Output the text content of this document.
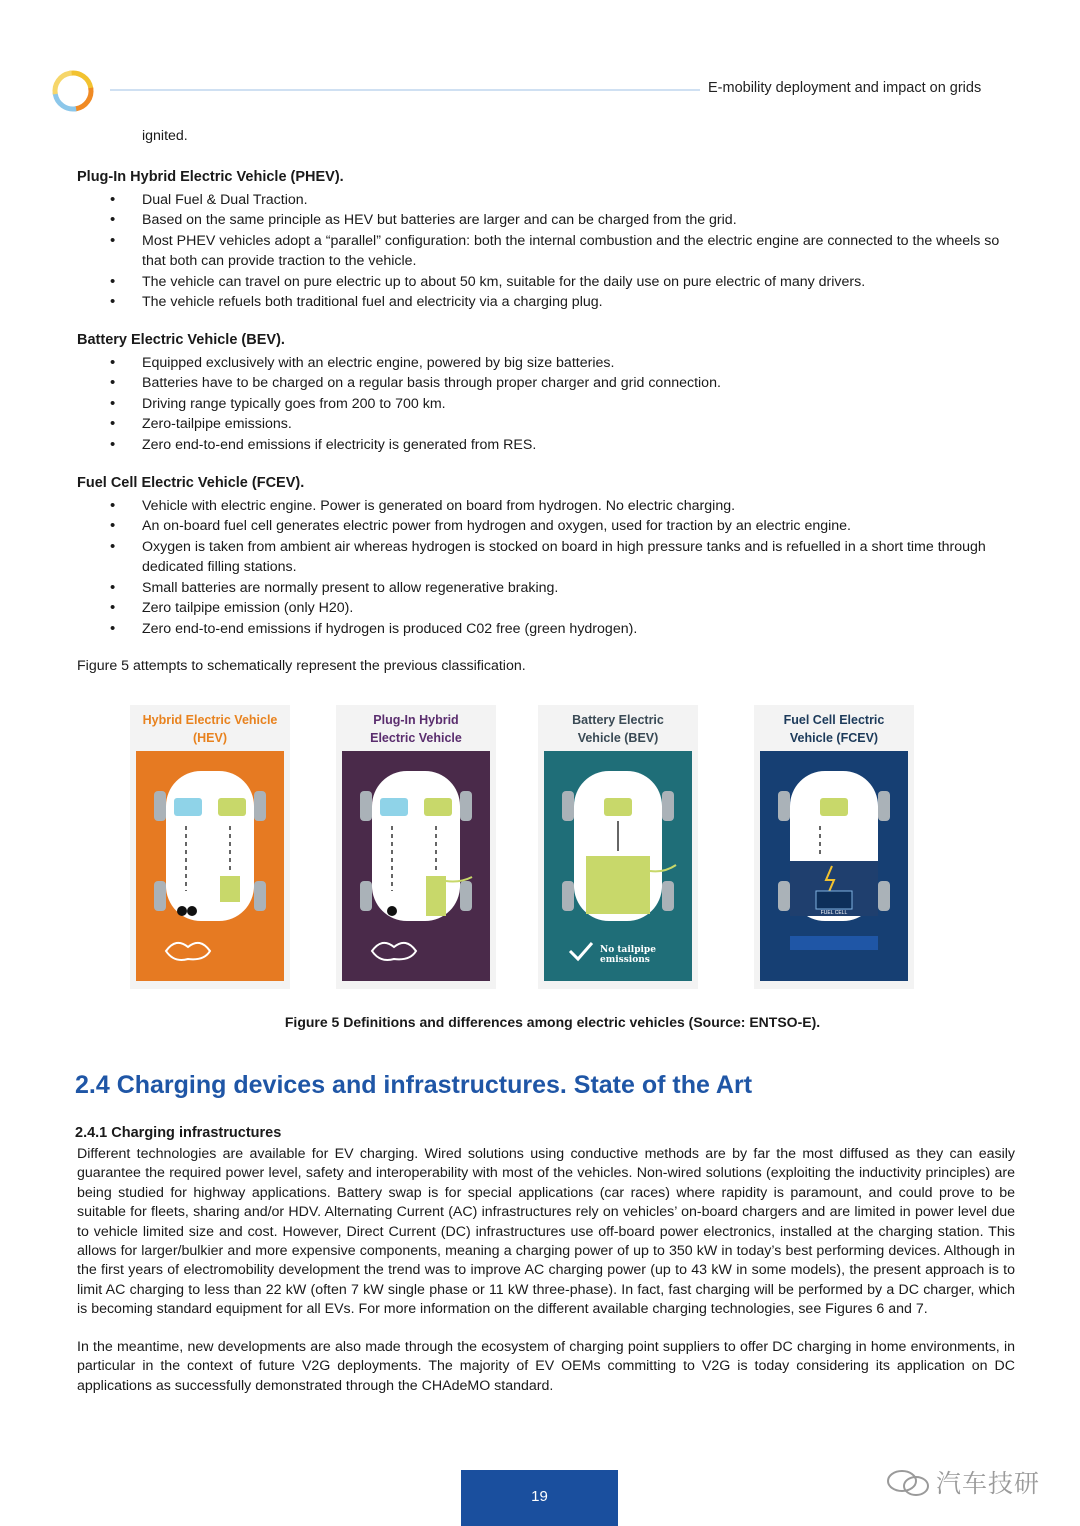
E-mobility deployment and impact on grids
ignited.

Plug-In Hybrid Electric Vehicle (PHEV).

• Dual Fuel & Dual Traction.
• Based on the same principle as HEV but batteries are larger and can be charged from the grid.
• Most PHEV vehicles adopt a “parallel” configuration: both the internal combustion and the electric engine are connected to the wheels so that both can provide traction to the vehicle.
• The vehicle can travel on pure electric up to about 50 km, suitable for the daily use on pure electric of many drivers.
• The vehicle refuels both traditional fuel and electricity via a charging plug.

Battery Electric Vehicle (BEV).

• Equipped exclusively with an electric engine, powered by big size batteries.
• Batteries have to be charged on a regular basis through proper charger and grid connection.
• Driving range typically goes from 200 to 700 km.
• Zero-tailpipe emissions.
• Zero end-to-end emissions if electricity is generated from RES.

Fuel Cell Electric Vehicle (FCEV).

• Vehicle with electric engine. Power is generated on board from hydrogen. No electric charging.
• An on-board fuel cell generates electric power from hydrogen and oxygen, used for traction by an electric engine.
• Oxygen is taken from ambient air whereas hydrogen is stocked on board in high pressure tanks and is refuelled in a short time through dedicated filling stations.
• Small batteries are normally present to allow regenerative braking.
• Zero tailpipe emission (only H20).
• Zero end-to-end emissions if hydrogen is produced C02 free (green hydrogen).
Figure 5 attempts to schematically represent the previous classification.
Hybrid Electric Vehicle
(HEV)
Plug-In Hybrid
Electric Vehicle
Battery Electric
Vehicle (BEV)
No tailpipe
emissions
Fuel Cell Electric
Vehicle (FCEV)
FUEL CELL
Figure 5 Definitions and differences among electric vehicles (Source: ENTSO-E).
2.4 Charging devices and infrastructures. State of the Art
2.4.1 Charging infrastructures

Different technologies are available for EV charging. Wired solutions using conductive methods are by far the most diffused as they can easily guarantee the required power level, safety and interoperability with most of the vehicles. Non-wired solutions (exploiting the inductivity principles) are being studied for highway applications. Battery swap is for special applications (car races) where rapidity is paramount, and could prove to be suitable for fleets, sharing and/or HDV. Alternating Current (AC) infrastructures rely on vehicles’ on-board chargers and are limited in power level due to vehicle limited size and cost. However, Direct Current (DC) infrastructures use off-board power electronics, installed at the charging station. This allows for larger/bulkier and more expensive components, meaning a charging power of up to 350 kW in today’s best performing devices. Although in the first years of electromobility development the trend was to improve AC charging power (up to 43 kW in some models), the present approach is to limit AC charging to less than 22 kW (often 7 kW single phase or 11 kW three-phase). In fact, fast charging will be performed by a DC charger, which is becoming standard equipment for all EVs. For more information on the different available charging technologies, see Figures 6 and 7.

In the meantime, new developments are also made through the ecosystem of charging point suppliers to offer DC charging in home environments, in particular in the context of future V2G deployments. The majority of EV OEMs committing to V2G is today considering its application on DC applications as successfully demonstrated through the CHAdeMO standard.

19	汽车技研
